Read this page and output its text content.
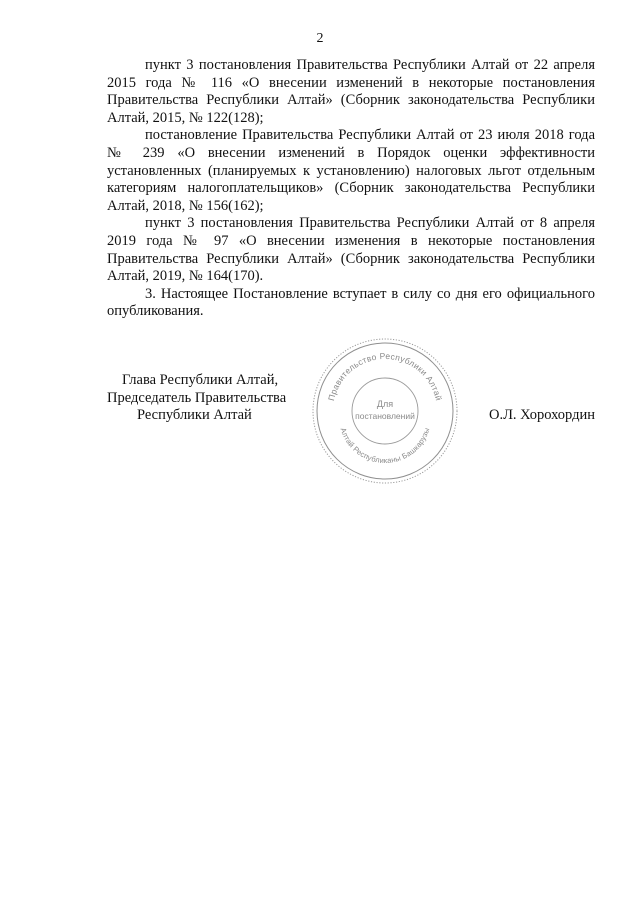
2

пункт 3 постановления Правительства Республики Алтай от 22 апреля 2015 года № 116 «О внесении изменений в некоторые постановления Правительства Республики Алтай» (Сборник законодательства Республики Алтай, 2015, № 122(128);

постановление Правительства Республики Алтай от 23 июля 2018 года № 239 «О внесении изменений в Порядок оценки эффективности установленных (планируемых к установлению) налоговых льгот отдельным категориям налогоплательщиков» (Сборник законодательства Республики Алтай, 2018, № 156(162);

пункт 3 постановления Правительства Республики Алтай от 8 апреля 2019 года № 97 «О внесении изменения в некоторые постановления Правительства Республики Алтай» (Сборник законодательства Республики Алтай, 2019, № 164(170).

3. Настоящее Постановление вступает в силу со дня его официального опубликования.

Глава Республики Алтай,
Председатель Правительства
Республики Алтай
Правительство Республики Алтай
Алтай Республиканы Башкарузы
Для
постановлений	О.Л. Хорохордин
